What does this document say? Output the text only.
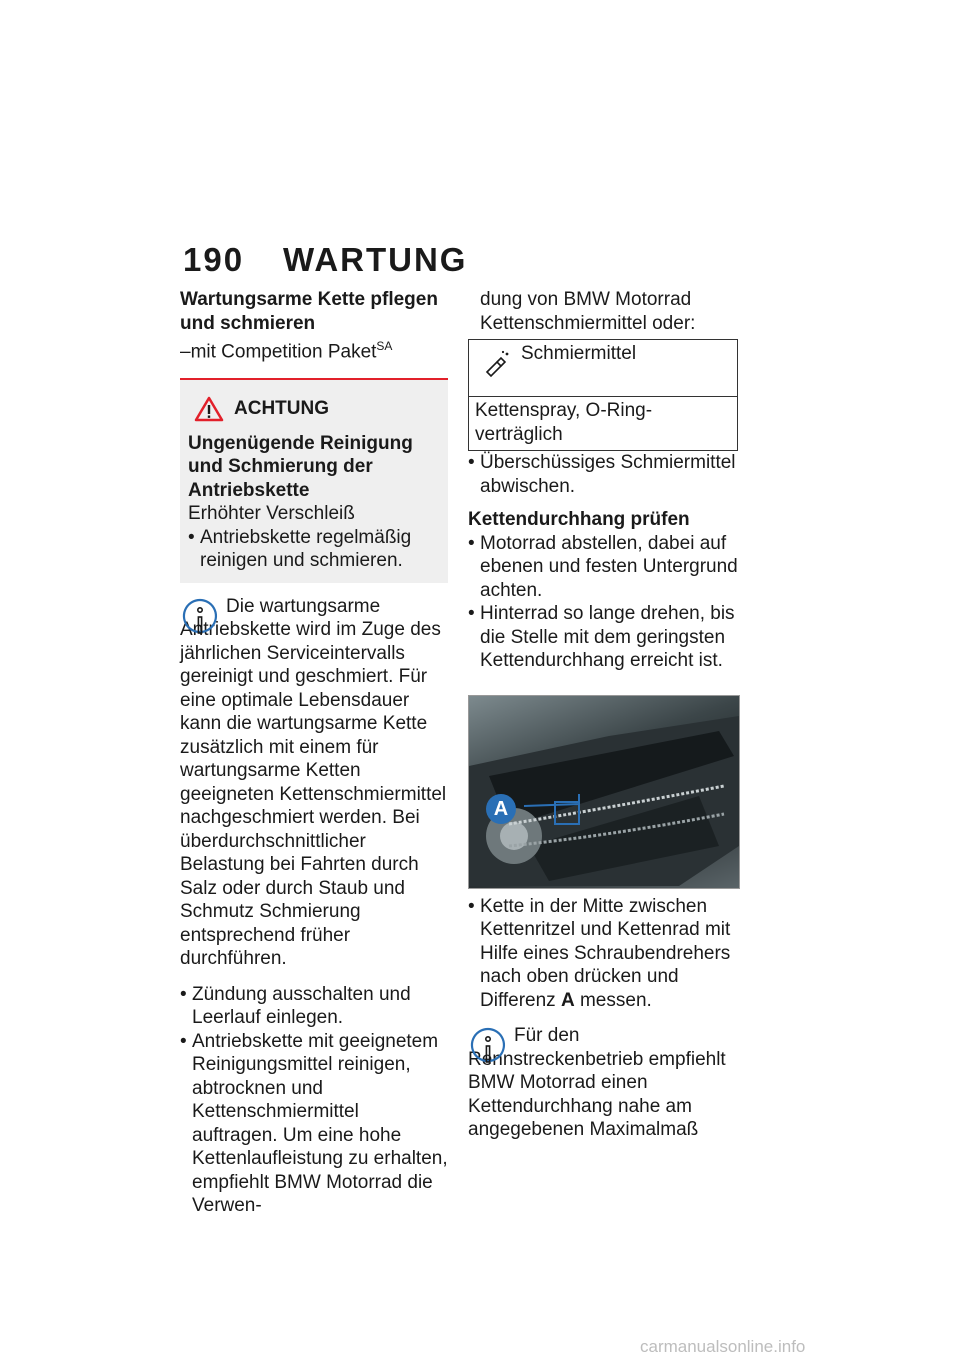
190 WARTUNG

Wartungsarme Kette pflegen und schmieren

–mit Competition Paket$^{SA}$

ACHTUNG

Ungenügende Reinigung und Schmierung der Antriebskette

Erhöhter Verschleiß

• Antriebskette regelmäßig reinigen und schmieren.

Die wartungsarme Antriebskette wird im Zuge des jährlichen Serviceintervalls gereinigt und geschmiert. Für eine optimale Lebensdauer kann die wartungsarme Kette zusätzlich mit einem für wartungsarme Ketten geeigneten Kettenschmiermittel nachgeschmiert werden. Bei überdurchschnittlicher Belastung bei Fahrten durch Salz oder durch Staub und Schmutz Schmierung entsprechend früher durchführen.

• Zündung ausschalten und Leerlauf einlegen.

• Antriebskette mit geeignetem Reinigungsmittel reinigen, abtrocknen und Kettenschmiermittel auftragen. Um eine hohe Kettenlaufleistung zu erhalten, empfiehlt BMW Motorrad die Verwen-

dung von BMW Motorrad Kettenschmiermittel oder:

Schmiermittel
Kettenspray, O-Ring-verträglich

• Überschüssiges Schmiermittel abwischen.

Kettendurchhang prüfen

• Motorrad abstellen, dabei auf ebenen und festen Untergrund achten.

• Hinterrad so lange drehen, bis die Stelle mit dem geringsten Kettendurchhang erreicht ist.

A

• Kette in der Mitte zwischen Kettenritzel und Kettenrad mit Hilfe eines Schraubendrehers nach oben drücken und Differenz A messen.

Für den Rennstreckenbetrieb empfiehlt BMW Motorrad einen Kettendurchhang nahe am angegebenen Maximalmaß

carmanualsonline.info
